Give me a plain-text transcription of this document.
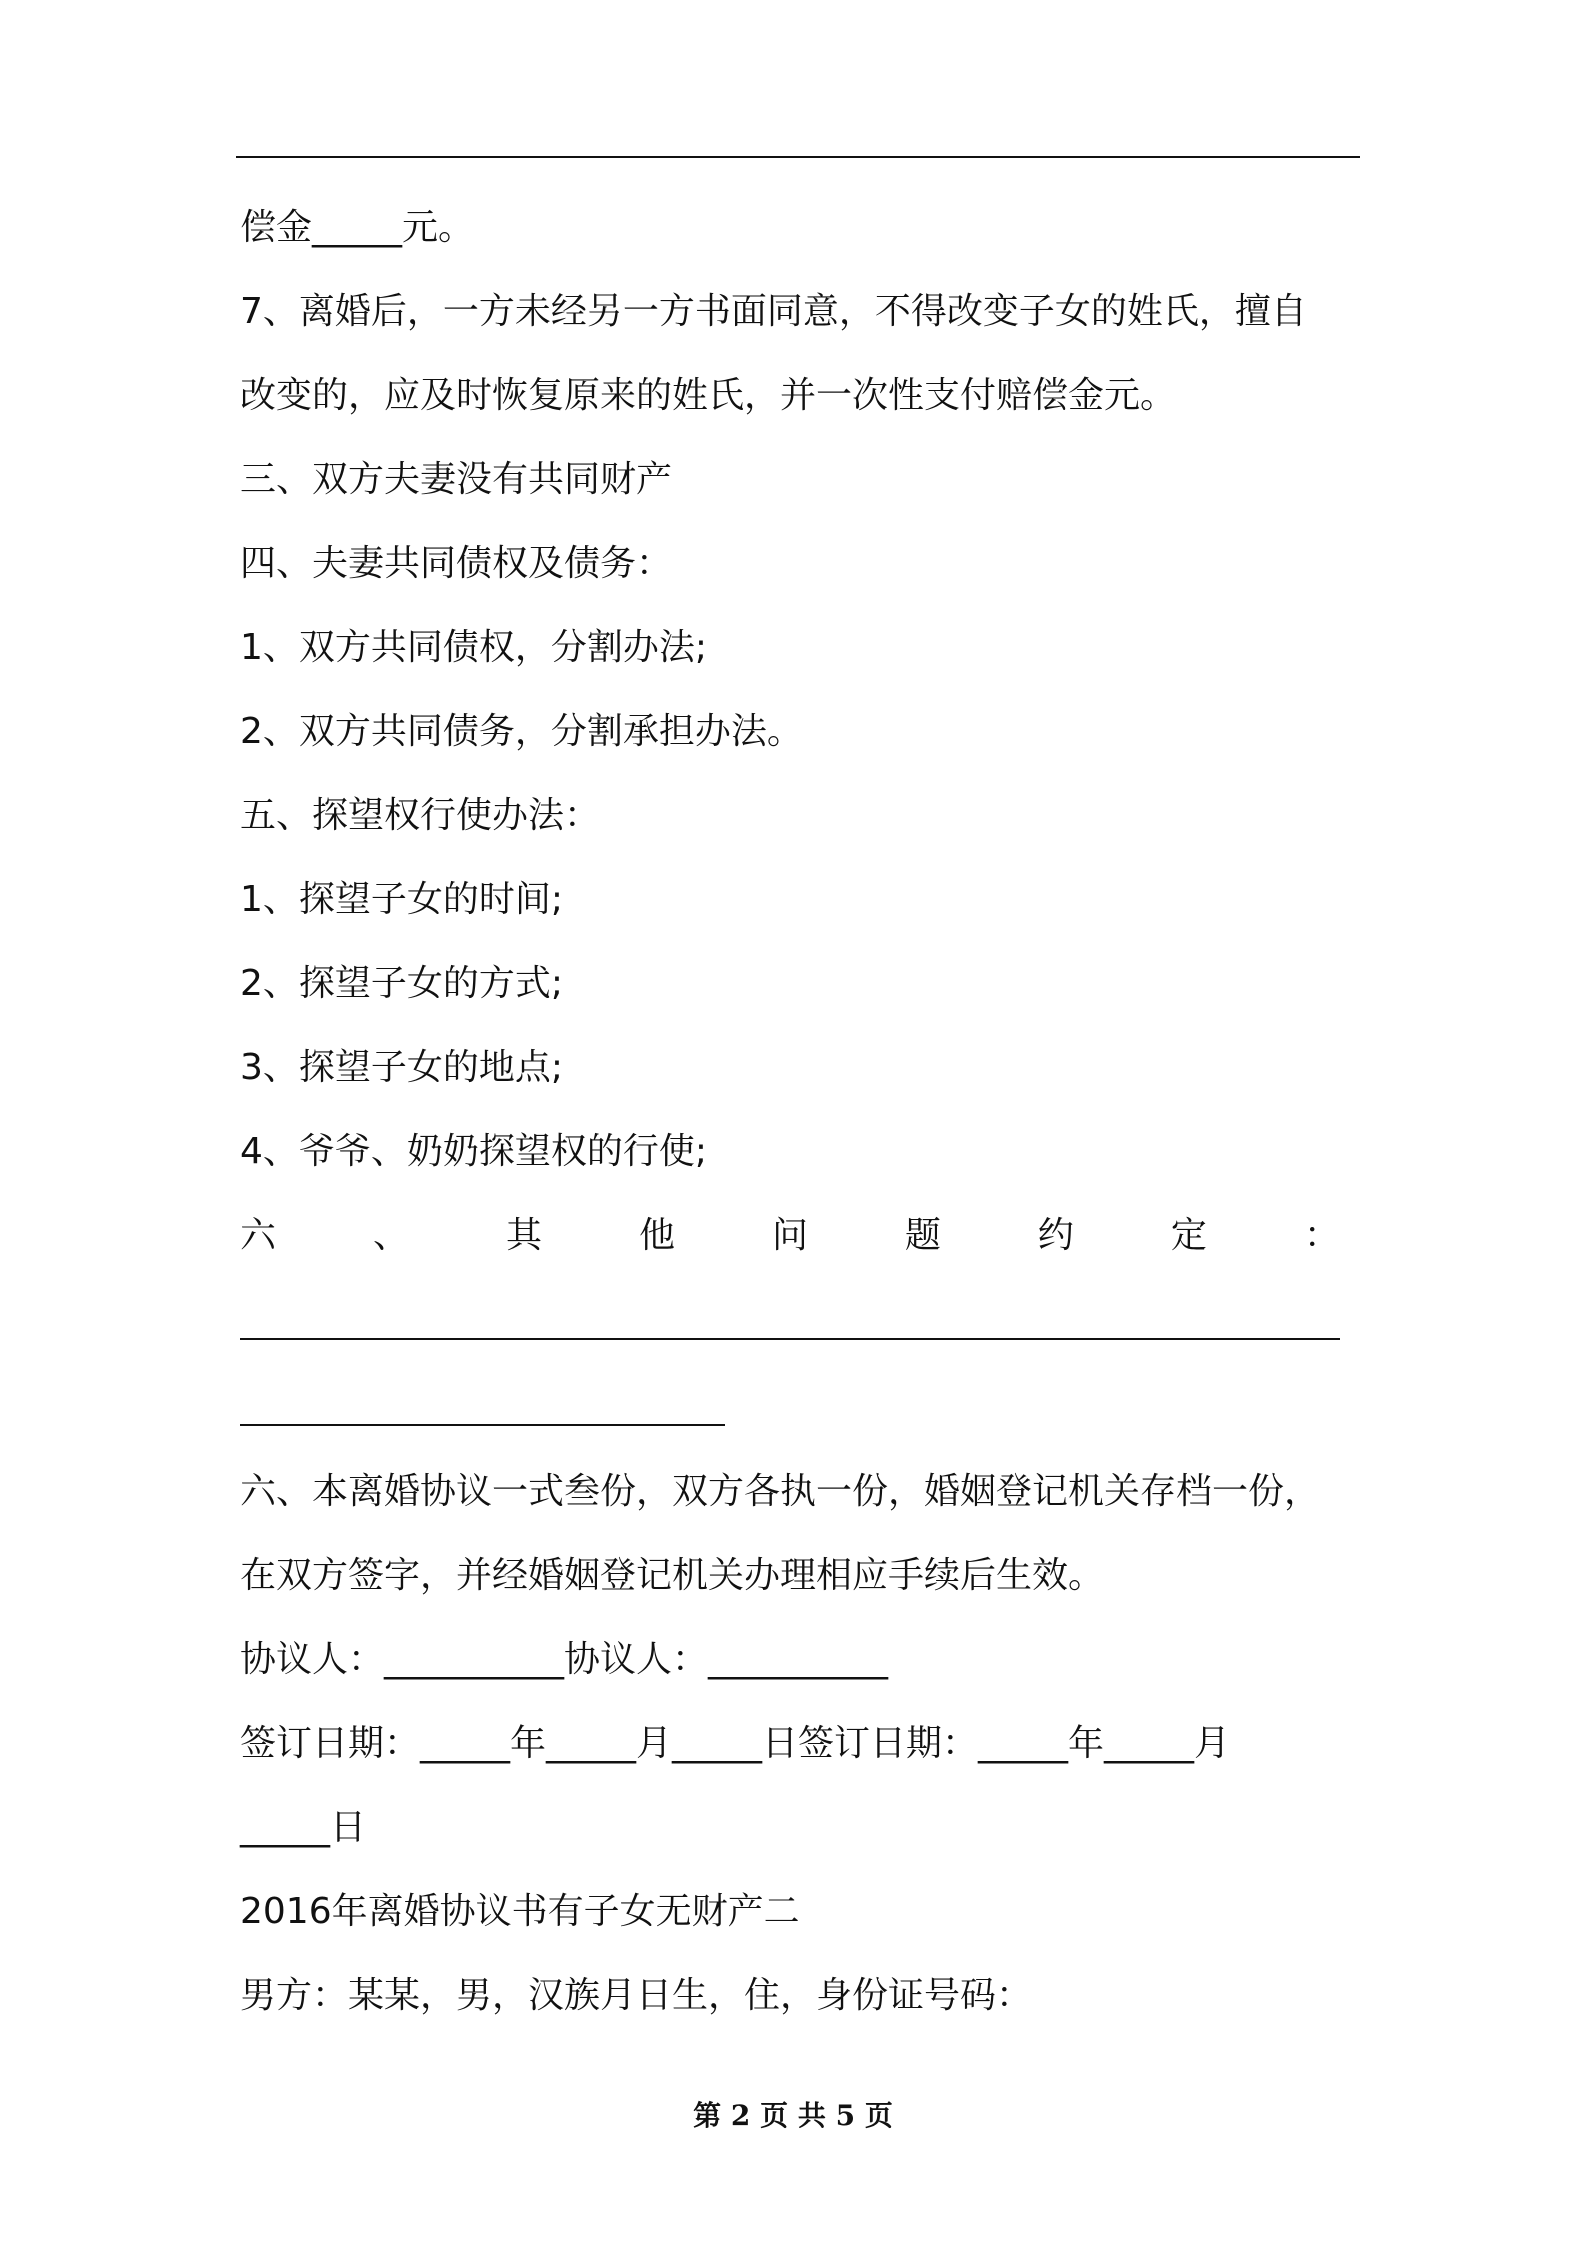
偿金_____元。
7、离婚后，一方未经另一方书面同意，不得改变子女的姓氏，擅自
改变的，应及时恢复原来的姓氏，并一次性支付赔偿金元。
三、双方夫妻没有共同财产
四、夫妻共同债权及债务：
1、双方共同债权，分割办法;
2、双方共同债务，分割承担办法。
五、探望权行使办法：
1、探望子女的时间;
2、探望子女的方式;
3、探望子女的地点;
4、爷爷、奶奶探望权的行使;
六	、	其	他	问	题	约	定	：
六、本离婚协议一式叁份，双方各执一份，婚姻登记机关存档一份，
在双方签字，并经婚姻登记机关办理相应手续后生效。
协议人：__________协议人：__________
签订日期：_____年_____月_____日签订日期：_____年_____月
_____日
2016年离婚协议书有子女无财产二
男方：某某，男，汉族月日生，住，身份证号码：
第 2 页 共 5 页
